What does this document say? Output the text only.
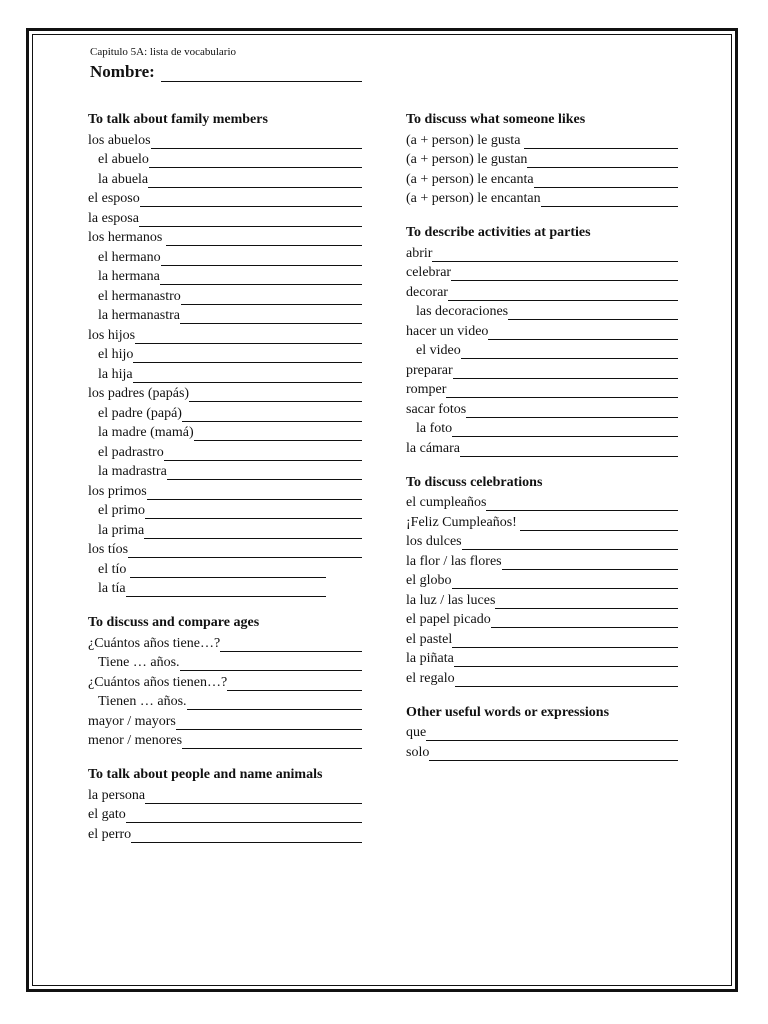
Capitulo 5A: lista de vocabulario
Nombre:
To talk about family members
los abuelos
el abuelo
la abuela
el esposo
la esposa
los hermanos
el hermano
la hermana
el hermanastro
la hermanastra
los hijos
el hijo
la hija
los padres (papás)
el padre (papá)
la madre (mamá)
el padrastro
la madrastra
los primos
el primo
la prima
los tíos
el tío
la tía
To discuss and compare ages
¿Cuántos años tiene…?
Tiene … años.
¿Cuántos años tienen…?
Tienen … años.
mayor / mayors
menor / menores
To talk about people and name animals
la persona
el gato
el perro
To discuss what someone likes
(a + person) le gusta
(a + person) le gustan
(a + person) le encanta
(a + person) le encantan
To describe activities at parties
abrir
celebrar
decorar
las decoraciones
hacer un video
el video
preparar
romper
sacar fotos
la foto
la cámara
To discuss celebrations
el cumpleaños
¡Feliz Cumpleaños!
los dulces
la flor / las flores
el globo
la luz / las luces
el papel picado
el pastel
la piñata
el regalo
Other useful words or expressions
que
solo
